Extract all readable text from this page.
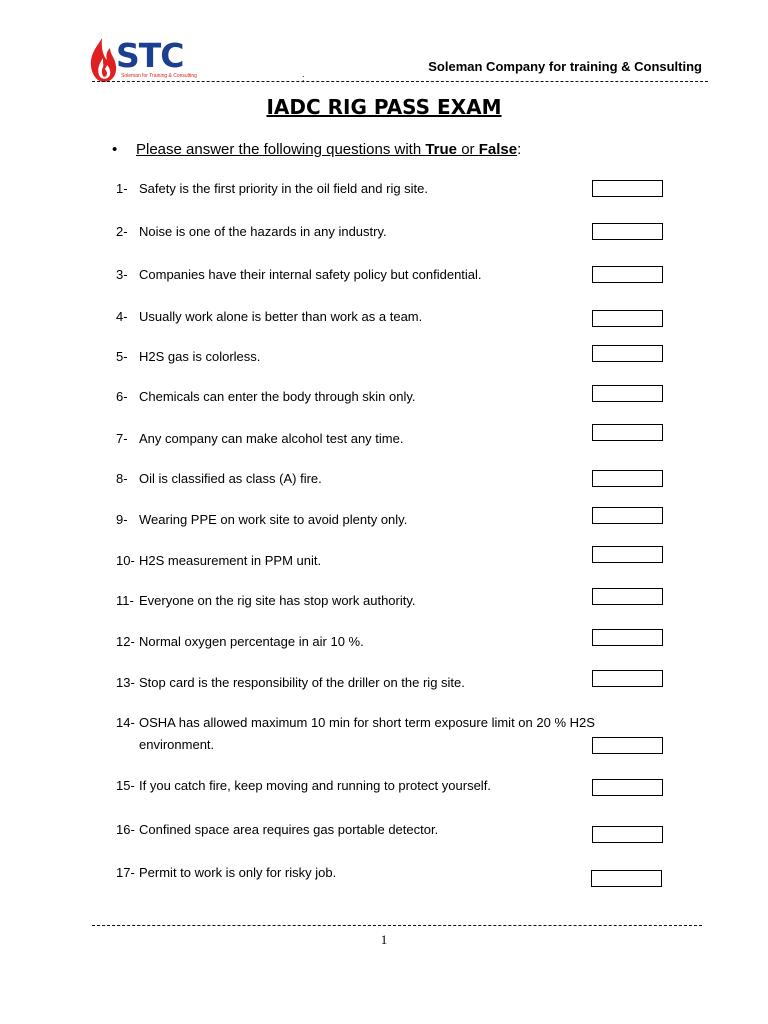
STC
Soleman for Training & Consulting
Soleman Company for training & Consulting
;
IADC RIG PASS EXAM
• Please answer the following questions with True or False:
1- Safety is the first priority in the oil field and rig site.
2- Noise is one of the hazards in any industry.
3- Companies have their internal safety policy but confidential.
4- Usually work alone is better than work as a team.
5- H2S gas is colorless.
6- Chemicals can enter the body through skin only.
7- Any company can make alcohol test any time.
8- Oil is classified as class (A) fire.
9- Wearing PPE on work site to avoid plenty only.
10- H2S measurement in PPM unit.
11- Everyone on the rig site has stop work authority.
12- Normal oxygen percentage in air 10 %.
13- Stop card is the responsibility of the driller on the rig site.
14- OSHA has allowed maximum 10 min for short term exposure limit on 20 % H2S
environment.
15- If you catch fire, keep moving and running to protect yourself.
16- Confined space area requires gas portable detector.
17- Permit to work is only for risky job.
1
